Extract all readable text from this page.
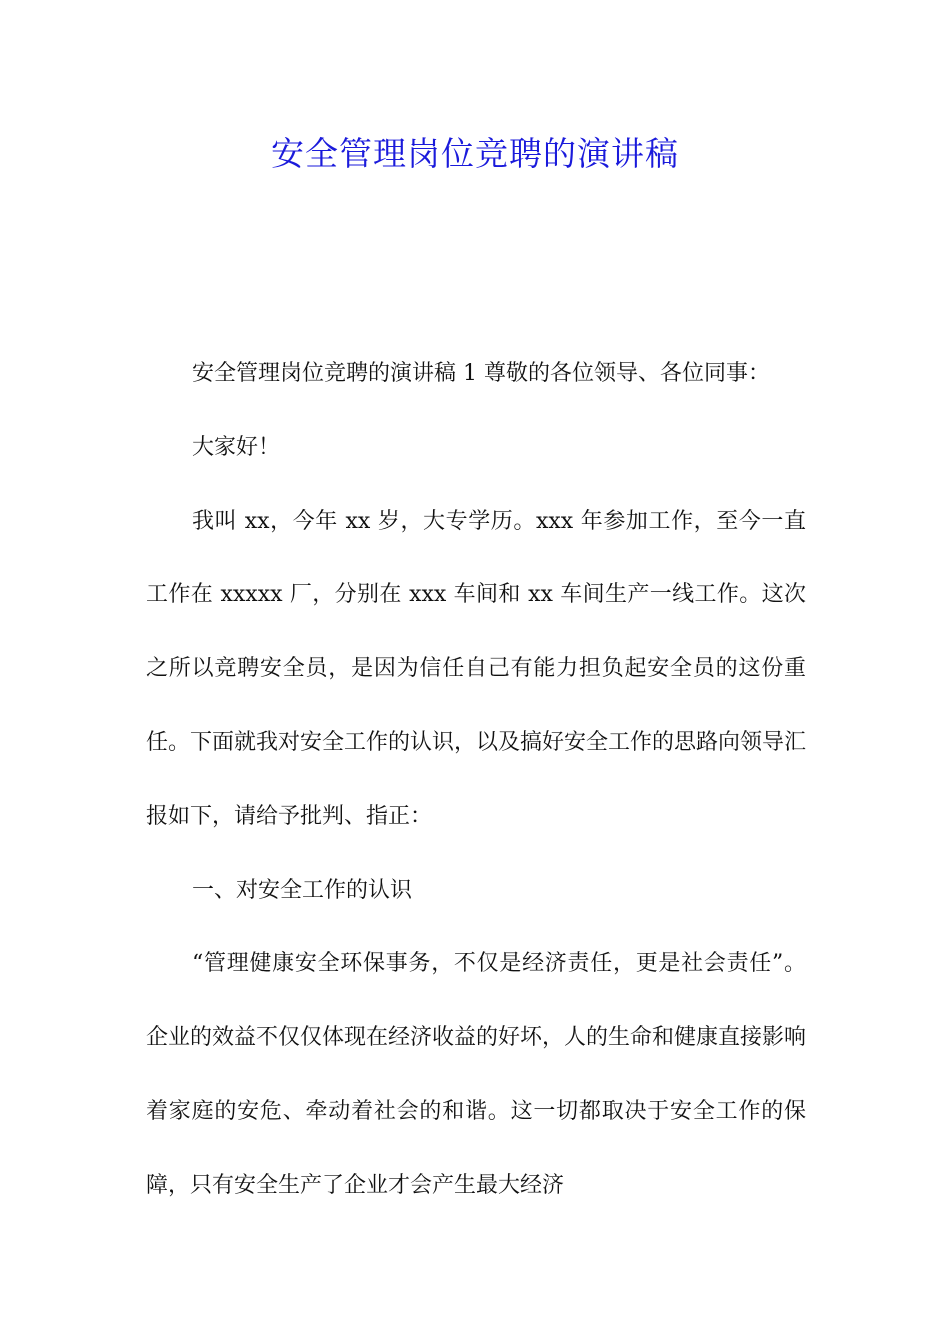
安全管理岗位竞聘的演讲稿

安全管理岗位竞聘的演讲稿 1 尊敬的各位领导、各位同事：

大家好！

我叫 xx，今年 xx 岁，大专学历。xxx 年参加工作，至今一直工作在 xxxxx 厂，分别在 xxx 车间和 xx 车间生产一线工作。这次之所以竞聘安全员，是因为信任自己有能力担负起安全员的这份重任。下面就我对安全工作的认识，以及搞好安全工作的思路向领导汇报如下，请给予批判、指正：

一、对安全工作的认识

“管理健康安全环保事务，不仅是经济责任，更是社会责任”。企业的效益不仅仅体现在经济收益的好坏，人的生命和健康直接影响着家庭的安危、牵动着社会的和谐。这一切都取决于安全工作的保障，只有安全生产了企业才会产生最大经济
